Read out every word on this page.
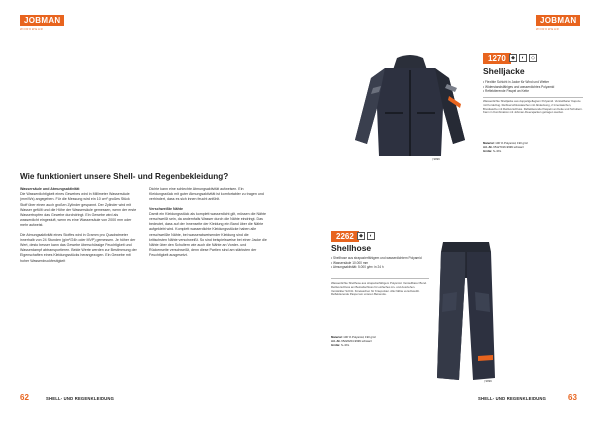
JOBMAN
WORKWEAR
Wie funktioniert unsere Shell- und Regenbekleidung?
Wassersäule und Atmungsaktivität

Die Wasserdichtigkeit eines Gewebes wird in Millimeter Wassersäule (mm/Ws) angegeben. Für die Messung wird ein 10 cm² großes Stück Stoff über einen auch großen Zylinder gespannt. Der Zylinder wird mit Wasser gefüllt und die Höhe der Wassersäule gemessen, wenn der erste Wassertropfen das Gewebe durchdringt. Ein Gewebe wird als wasserdicht eingestuft, wenn es eine Wassersäule von 2000 mm oder mehr aufweist.

Die Atmungsaktivität eines Stoffes wird in Gramm pro Quadratmeter innerhalb von 24 Stunden (g/m²/24h oder MVP) gemessen. Je höher der Wert, desto besser kann das Gewebe überschüssige Feuchtigkeit und Wasserdampf abtransportieren. Beide Werte werden zur Bestimmung der Eigenschaften eines Kleidungsstücks herangezogen. Ein Gewebe mit hoher Wasserdruckfestigkeit

Dichte kann eine schlechte Atmungsaktivität aufweisen. Ein Kleidungsstück mit guter Atmungsaktivität ist komfortabler zu tragen und verhindert, dass es sich innen feucht anfühlt.

Verschweißte Nähte

Damit ein Kleidungsstück als komplett wasserdicht gilt, müssen die Nähte verschweißt sein, da andernfalls Wasser durch die Nähte eindringt. Das bedeutet, dass auf der Innenseite der Kleidung ein Band über die Nähte aufgeklebt wird. Komplett wasserdichte Kleidungsstücke haben alle verschweißte Nähte, bei wasserabweisender Kleidung sind die kritischsten Nähte verschweißt. So sind beispielsweise bei einer Jacke die Nähte über den Schultern wie auch die Nähte an Vorder- und Rückenseite verschweißt, denn diese Partien sind am stärksten der Feuchtigkeit ausgesetzt.

62	SHELL- UND REGENKLEIDUNG
JOBMAN
WORKWEAR
| 9999
1270	◆	◐	◇
Shelljacke
• Flexible Schicht in Jacke für Wind und Wetter
• Widerstandsfähiges und wasserdichtes Polyamid
• Reflektierende Paspel an Kette
Wasserdichte Shelljacke aus doppeltgeflegtem Polyamid. Verstellbarer Kapuze mit Kordelzug. Reißverschlusstaschen mit Abdeckung, 2 Innentaschen, Brusttasche mit Reißverschluss. Reflektierende Paspeln an Kette und Schultern. Kann in Kombination mit Jobman-Fleecejacken getragen werden.
Material: 100 % Polyamid, 190 g/m²
Art.-Nr. 65127016-9999 schwarz
Größe: S–3XL
2262	◆	◐
Shellhose
• Shellhose aus strapazierfähigem und wasserdichtem Polyamid
• Wassersäule 10.000 mm
• Atmungsaktivität: 5.000 g/m² in 24 h
Wasserdichte Shellhose aus strapazierfähigem Polyamid. Verstellbarer Bund. Reißverschluss am Beinabschluss für einfaches An- und Ausziehen. Verstärkter Schritt. Knietaschen für Kniepolster. Alle Nähte verschweißt. Reflektierende Paspel am unteren Beinende.
Material: 100 % Polyamid, 190 g/m²
Art.-Nr. 65226204-9999 schwarz
Größe: S–3XL
| 9999
SHELL- UND REGENKLEIDUNG	63
